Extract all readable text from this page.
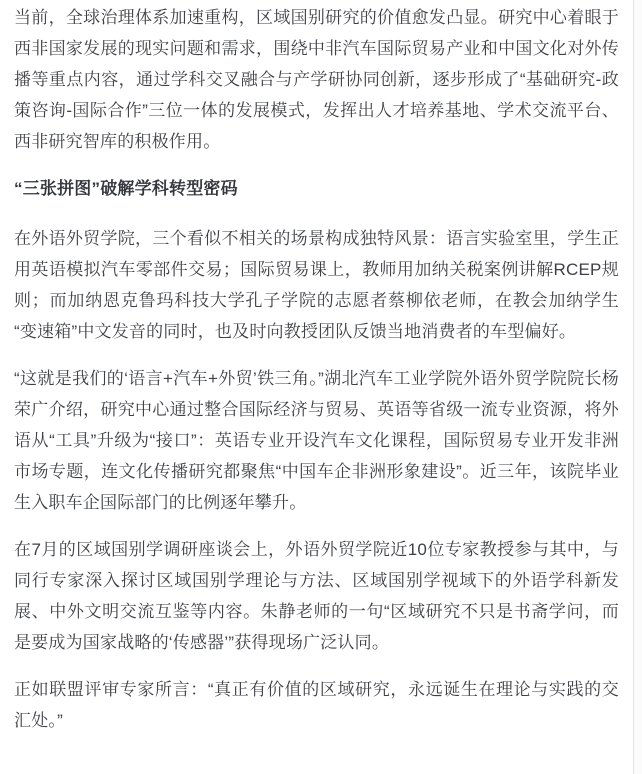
当前，全球治理体系加速重构，区域国别研究的价值愈发凸显。研究中心着眼于西非国家发展的现实问题和需求，围绕中非汽车国际贸易产业和中国文化对外传播等重点内容，通过学科交叉融合与产学研协同创新，逐步形成了“基础研究-政策咨询-国际合作”三位一体的发展模式，发挥出人才培养基地、学术交流平台、西非研究智库的积极作用。

“三张拼图”破解学科转型密码

在外语外贸学院，三个看似不相关的场景构成独特风景：语言实验室里，学生正用英语模拟汽车零部件交易；国际贸易课上，教师用加纳关税案例讲解RCEP规则；而加纳恩克鲁玛科技大学孔子学院的志愿者蔡柳依老师，在教会加纳学生“变速箱”中文发音的同时，也及时向教授团队反馈当地消费者的车型偏好。

“这就是我们的‘语言+汽车+外贸’铁三角。”湖北汽车工业学院外语外贸学院院长杨荣广介绍，研究中心通过整合国际经济与贸易、英语等省级一流专业资源，将外语从“工具”升级为“接口”：英语专业开设汽车文化课程，国际贸易专业开发非洲市场专题，连文化传播研究都聚焦“中国车企非洲形象建设”。近三年，该院毕业生入职车企国际部门的比例逐年攀升。

在7月的区域国别学调研座谈会上，外语外贸学院近10位专家教授参与其中，与同行专家深入探讨区域国别学理论与方法、区域国别学视域下的外语学科新发展、中外文明交流互鉴等内容。朱静老师的一句“区域研究不只是书斋学问，而是要成为国家战略的‘传感器’”获得现场广泛认同。

正如联盟评审专家所言：“真正有价值的区域研究，永远诞生在理论与实践的交汇处。”
